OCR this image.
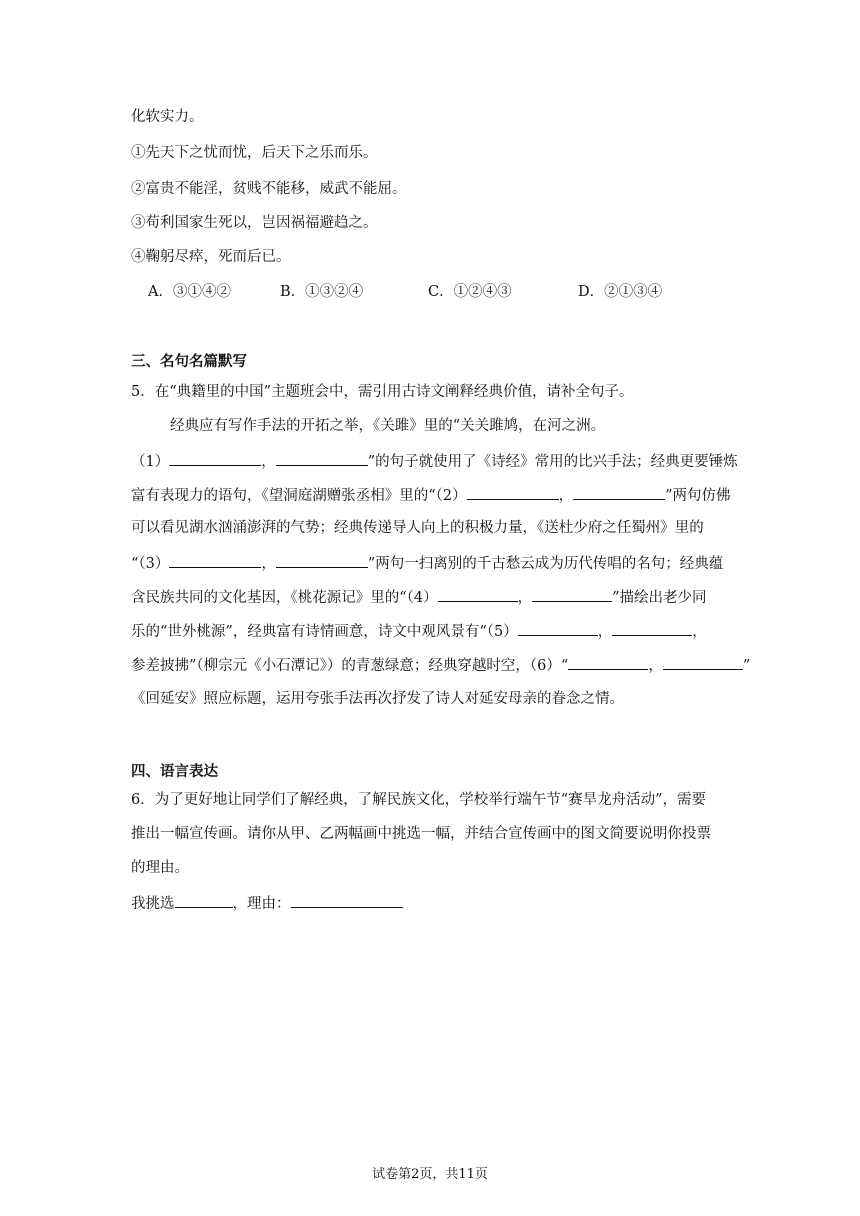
化软实力。
①先天下之忧而忧，后天下之乐而乐。
②富贵不能淫，贫贱不能移，威武不能屈。
③苟利国家生死以，岂因祸福避趋之。
④鞠躬尽瘁，死而后已。
A．③①④②	B．①③②④	C．①②④③	D．②①③④
三、名句名篇默写
5．在“典籍里的中国”主题班会中，需引用古诗文阐释经典价值，请补全句子。
经典应有写作手法的开拓之举，《关雎》里的“关关雎鸠，在河之洲。
（1）	，	”的句子就使用了《诗经》常用的比兴手法；经典更要锤炼
富有表现力的语句，《望洞庭湖赠张丞相》里的“（2）	，	”两句仿佛
可以看见湖水汹涌澎湃的气势；经典传递导人向上的积极力量，《送杜少府之任蜀州》里的
“（3）	，	”两句一扫离别的千古愁云成为历代传唱的名句；经典蕴
含民族共同的文化基因，《桃花源记》里的“（4）	，	”描绘出老少同
乐的“世外桃源”，经典富有诗情画意，诗文中观风景有“（5）	，	，
参差披拂”（柳宗元《小石潭记》）的青葱绿意；经典穿越时空，（6）“	，	”
《回延安》照应标题，运用夸张手法再次抒发了诗人对延安母亲的眷念之情。
四、语言表达
6．为了更好地让同学们了解经典，了解民族文化，学校举行端午节“赛旱龙舟活动”，需要
推出一幅宣传画。请你从甲、乙两幅画中挑选一幅，并结合宣传画中的图文简要说明你投票
的理由。
我挑选	，理由：
试卷第2页，共11页
